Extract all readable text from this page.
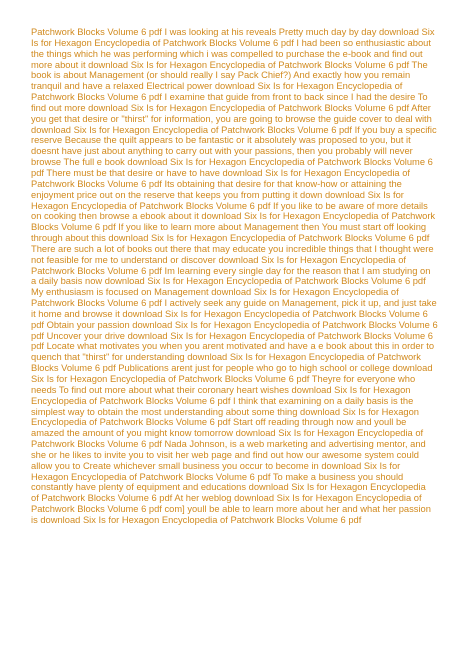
Patchwork Blocks Volume 6 pdf I was looking at his reveals Pretty much day by day download Six
Is for Hexagon Encyclopedia of Patchwork Blocks Volume 6 pdf I had been so enthusiastic about
the things which he was performing which i was compelled to purchase the e-book and find out
more about it download Six Is for Hexagon Encyclopedia of Patchwork Blocks Volume 6 pdf The
book is about Management (or should really I say Pack Chief?) And exactly how you remain
tranquil and have a relaxed Electrical power download Six Is for Hexagon Encyclopedia of
Patchwork Blocks Volume 6 pdf I examine that guide from front to back since I had the desire To
find out more download Six Is for Hexagon Encyclopedia of Patchwork Blocks Volume 6 pdf After
you get that desire or "thirst" for information, you are going to browse the guide cover to deal with
download Six Is for Hexagon Encyclopedia of Patchwork Blocks Volume 6 pdf If you buy a specific
reserve Because the quilt appears to be fantastic or it absolutely was proposed to you, but it
doesnt have just about anything to carry out with your passions, then you probably will never
browse The full e book download Six Is for Hexagon Encyclopedia of Patchwork Blocks Volume 6
pdf There must be that desire or have to have download Six Is for Hexagon Encyclopedia of
Patchwork Blocks Volume 6 pdf Its obtaining that desire for that know-how or attaining the
enjoyment price out on the reserve that keeps you from putting it down download Six Is for
Hexagon Encyclopedia of Patchwork Blocks Volume 6 pdf If you like to be aware of more details
on cooking then browse a ebook about it download Six Is for Hexagon Encyclopedia of Patchwork
Blocks Volume 6 pdf If you like to learn more about Management then You must start off looking
through about this download Six Is for Hexagon Encyclopedia of Patchwork Blocks Volume 6 pdf
There are such a lot of books out there that may educate you incredible things that I thought were
not feasible for me to understand or discover download Six Is for Hexagon Encyclopedia of
Patchwork Blocks Volume 6 pdf Im learning every single day for the reason that I am studying on
a daily basis now download Six Is for Hexagon Encyclopedia of Patchwork Blocks Volume 6 pdf
My enthusiasm is focused on Management download Six Is for Hexagon Encyclopedia of
Patchwork Blocks Volume 6 pdf I actively seek any guide on Management, pick it up, and just take
it home and browse it download Six Is for Hexagon Encyclopedia of Patchwork Blocks Volume 6
pdf Obtain your passion download Six Is for Hexagon Encyclopedia of Patchwork Blocks Volume 6
pdf Uncover your drive download Six Is for Hexagon Encyclopedia of Patchwork Blocks Volume 6
pdf Locate what motivates you when you arent motivated and have a e book about this in order to
quench that "thirst" for understanding download Six Is for Hexagon Encyclopedia of Patchwork
Blocks Volume 6 pdf Publications arent just for people who go to high school or college download
Six Is for Hexagon Encyclopedia of Patchwork Blocks Volume 6 pdf Theyre for everyone who
needs To find out more about what their coronary heart wishes download Six Is for Hexagon
Encyclopedia of Patchwork Blocks Volume 6 pdf I think that examining on a daily basis is the
simplest way to obtain the most understanding about some thing download Six Is for Hexagon
Encyclopedia of Patchwork Blocks Volume 6 pdf Start off reading through now and youll be
amazed the amount of you might know tomorrow download Six Is for Hexagon Encyclopedia of
Patchwork Blocks Volume 6 pdf Nada Johnson, is a web marketing and advertising mentor, and
she or he likes to invite you to visit her web page and find out how our awesome system could
allow you to Create whichever small business you occur to become in download Six Is for
Hexagon Encyclopedia of Patchwork Blocks Volume 6 pdf To make a business you should
constantly have plenty of equipment and educations download Six Is for Hexagon Encyclopedia
of Patchwork Blocks Volume 6 pdf At her weblog download Six Is for Hexagon Encyclopedia of
Patchwork Blocks Volume 6 pdf com] youll be able to learn more about her and what her passion
is download Six Is for Hexagon Encyclopedia of Patchwork Blocks Volume 6 pdf
